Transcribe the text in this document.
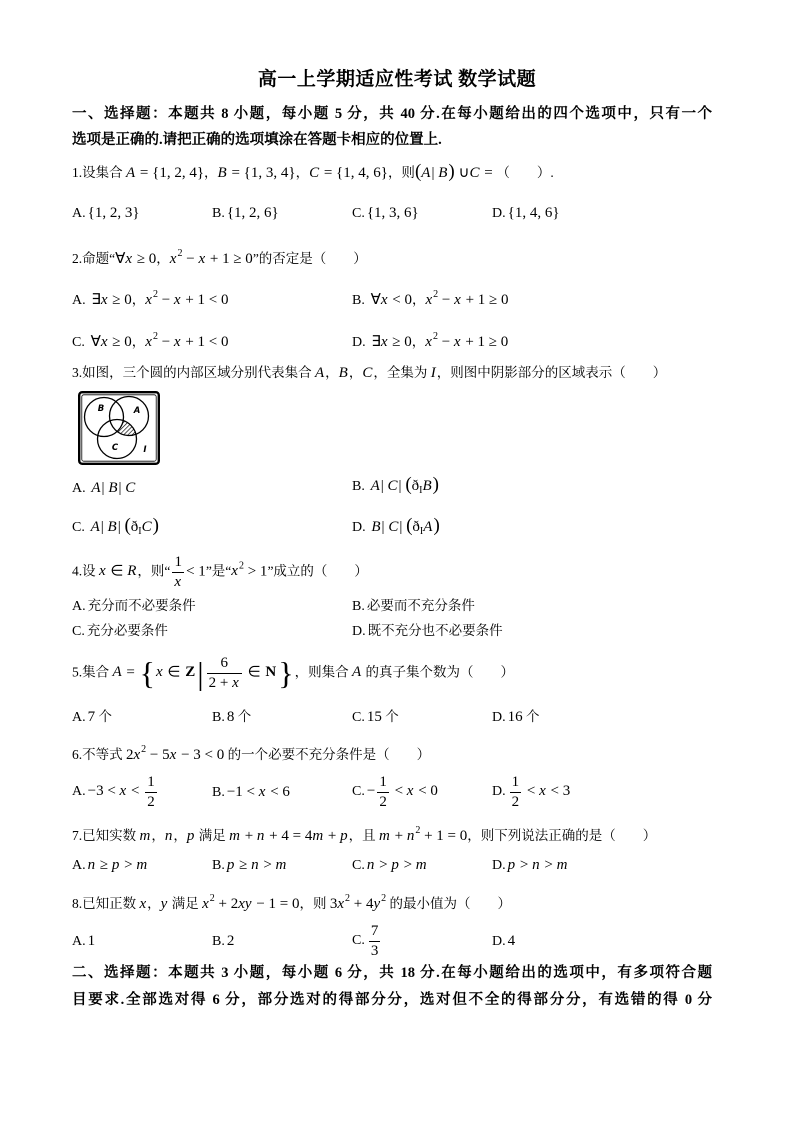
高一上学期适应性考试 数学试题
一、选择题：本题共 8 小题，每小题 5 分，共 40 分.在每小题给出的四个选项中，只有一个
选项是正确的.请把正确的选项填涂在答题卡相应的位置上.
1.设集合 A = {1, 2, 4}，B = {1, 3, 4}，C = {1, 4, 6}，则(A| B) ∪C = （　　）.
A. {1, 2, 3}	B. {1, 2, 6}	C. {1, 3, 6}	D. {1, 4, 6}
2.命题“∀x ≥ 0，$x^2 - x + 1 \ge 0$”的否定是（　　）
A. ∃x ≥ 0，$x^2 - x + 1 < 0$	B. ∀x < 0，$x^2 - x + 1 \ge 0$
C. ∀x ≥ 0，$x^2 - x + 1 < 0$	D. ∃x ≥ 0，$x^2 - x + 1 \ge 0$
3.如图，三个圆的内部区域分别代表集合 A，B，C，全集为 I，则图中阴影部分的区域表示（　　）
B	A
C	I
A. A| B| C	B. A| C| $(ð_IB)$
C. A| B| $(ð_IC)$	D. B| C| $(ð_IA)$
4.设 x ∈ R，则“ $\frac{1}{x} < 1$”是“$x^2 > 1$”成立的（　　）
A. 充分而不必要条件	B. 必要而不充分条件
C. 充分必要条件	D. 既不充分也不必要条件
5.集合 A = {x ∈ $Z| \frac{6}{2 + x}$ ∈ N}，则集合 A 的真子集个数为（　　）
A. 7 个	B. 8 个	C. 15 个	D. 16 个
6.不等式 $2x^2 - 5x - 3 < 0$ 的一个必要不充分条件是（　　）
A. $-3 < x < \frac{1}{2}$	B. −1 < x < 6	C. − $\frac{1}{2} < x < 0$	D. $\frac{1}{2} < x < 3$
7.已知实数 m，n，p 满足 m + n + 4 = 4m + p，且 $m + n^2 + 1 = 0$，则下列说法正确的是（　　）
A. n ≥ p > m	B. p ≥ n > m	C. n > p > m	D. p > n > m
8.已知正数 x，y 满足 $x^2 + 2xy - 1 = 0$，则 $3x^2 + 4y^2$ 的最小值为（　　）
A. 1	B. 2	C. $\frac{7}{3}$	D. 4
二、选择题：本题共 3 小题，每小题 6 分，共 18 分.在每小题给出的选项中，有多项符合题
目要求.全部选对得 6 分，部分选对的得部分分，选对但不全的得部分分，有选错的得 0 分
